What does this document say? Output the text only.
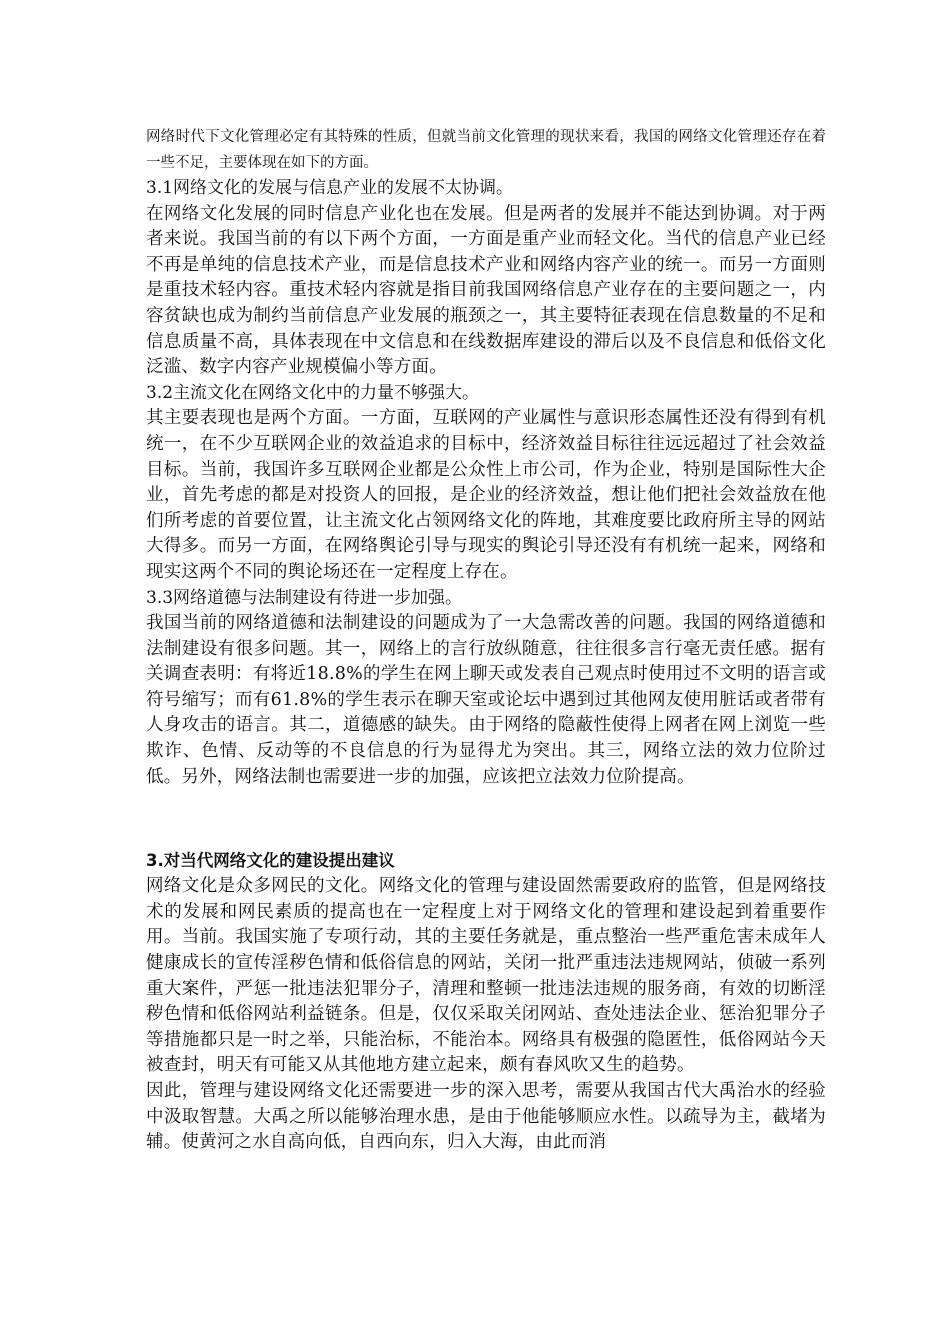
网络时代下文化管理必定有其特殊的性质，但就当前文化管理的现状来看，我国的网络文化管理还存在着一些不足，主要体现在如下的方面。

3.1网络文化的发展与信息产业的发展不太协调。

在网络文化发展的同时信息产业化也在发展。但是两者的发展并不能达到协调。对于两者来说。我国当前的有以下两个方面，一方面是重产业而轻文化。当代的信息产业已经不再是单纯的信息技术产业，而是信息技术产业和网络内容产业的统一。而另一方面则是重技术轻内容。重技术轻内容就是指目前我国网络信息产业存在的主要问题之一，内容贫缺也成为制约当前信息产业发展的瓶颈之一，其主要特征表现在信息数量的不足和信息质量不高，具体表现在中文信息和在线数据库建设的滞后以及不良信息和低俗文化泛滥、数字内容产业规模偏小等方面。

3.2主流文化在网络文化中的力量不够强大。

其主要表现也是两个方面。一方面，互联网的产业属性与意识形态属性还没有得到有机统一，在不少互联网企业的效益追求的目标中，经济效益目标往往远远超过了社会效益目标。当前，我国许多互联网企业都是公众性上市公司，作为企业，特别是国际性大企业，首先考虑的都是对投资人的回报，是企业的经济效益，想让他们把社会效益放在他们所考虑的首要位置，让主流文化占领网络文化的阵地，其难度要比政府所主导的网站大得多。而另一方面，在网络舆论引导与现实的舆论引导还没有有机统一起来，网络和现实这两个不同的舆论场还在一定程度上存在。

3.3网络道德与法制建设有待进一步加强。

我国当前的网络道德和法制建设的问题成为了一大急需改善的问题。我国的网络道德和法制建设有很多问题。其一，网络上的言行放纵随意，往往很多言行毫无责任感。据有关调查表明：有将近18.8%的学生在网上聊天或发表自己观点时使用过不文明的语言或符号缩写；而有61.8%的学生表示在聊天室或论坛中遇到过其他网友使用脏话或者带有人身攻击的语言。其二，道德感的缺失。由于网络的隐蔽性使得上网者在网上浏览一些欺诈、色情、反动等的不良信息的行为显得尤为突出。其三，网络立法的效力位阶过低。另外，网络法制也需要进一步的加强，应该把立法效力位阶提高。

3.对当代网络文化的建设提出建议

网络文化是众多网民的文化。网络文化的管理与建设固然需要政府的监管，但是网络技术的发展和网民素质的提高也在一定程度上对于网络文化的管理和建设起到着重要作用。当前。我国实施了专项行动，其的主要任务就是，重点整治一些严重危害未成年人健康成长的宣传淫秽色情和低俗信息的网站，关闭一批严重违法违规网站，侦破一系列重大案件，严惩一批违法犯罪分子，清理和整顿一批违法违规的服务商，有效的切断淫秽色情和低俗网站利益链条。但是，仅仅采取关闭网站、查处违法企业、惩治犯罪分子等措施都只是一时之举，只能治标，不能治本。网络具有极强的隐匿性，低俗网站今天被查封，明天有可能又从其他地方建立起来，颇有春风吹又生的趋势。

因此，管理与建设网络文化还需要进一步的深入思考，需要从我国古代大禹治水的经验中汲取智慧。大禹之所以能够治理水患，是由于他能够顺应水性。以疏导为主，截堵为辅。使黄河之水自高向低，自西向东，归入大海，由此而消
